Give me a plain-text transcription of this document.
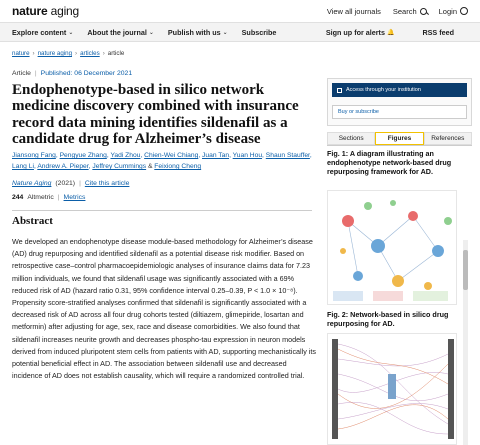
nature aging	View all journals Search	Login
Explore content ⌄ About the journal ⌄ Publish with us ⌄ Subscribe	Sign up for alerts 🔔	RSS feed
nature › nature aging › articles › article
Article | Published: 06 December 2021
Endophenotype-based in silico network medicine discovery combined with insurance record data mining identifies sildenafil as a candidate drug for Alzheimer’s disease
Jiansong Fang, Pengyue Zhang, Yadi Zhou, Chien-Wei Chiang, Juan Tan, Yuan Hou, Shaun Stauffer, Lang Li, Andrew A. Pieper, Jeffrey Cummings & Feixiong Cheng
Nature Aging (2021) | Cite this article
244 Altmetric | Metrics
Abstract

We developed an endophenotype disease module-based methodology for Alzheimer’s disease (AD) drug repurposing and identified sildenafil as a potential disease risk modifier. Based on retrospective case–control pharmacoepidemiologic analyses of insurance claims data for 7.23 million individuals, we found that sildenafil usage was significantly associated with a 69% reduced risk of AD (hazard ratio 0.31, 95% confidence interval 0.25–0.39, P < 1.0 × 10⁻⁸). Propensity score-stratified analyses confirmed that sildenafil is significantly associated with a decreased risk of AD across all four drug cohorts tested (diltiazem, glimepiride, losartan and metformin) after adjusting for age, sex, race and disease comorbidities. We also found that sildenafil increases neurite growth and decreases phospho-tau expression in neuron models derived from induced pluripotent stem cells from patients with AD, supporting mechanistically its potential beneficial effect in AD. The association between sildenafil use and decreased incidence of AD does not establish causality, which will require a randomized controlled trial.

Access through your institution
Buy or subscribe
Sections	Figures	References
Fig. 1: A diagram illustrating an endophenotype network-based drug repurposing framework for AD.
Fig. 2: Network-based in silico drug repurposing for AD.
